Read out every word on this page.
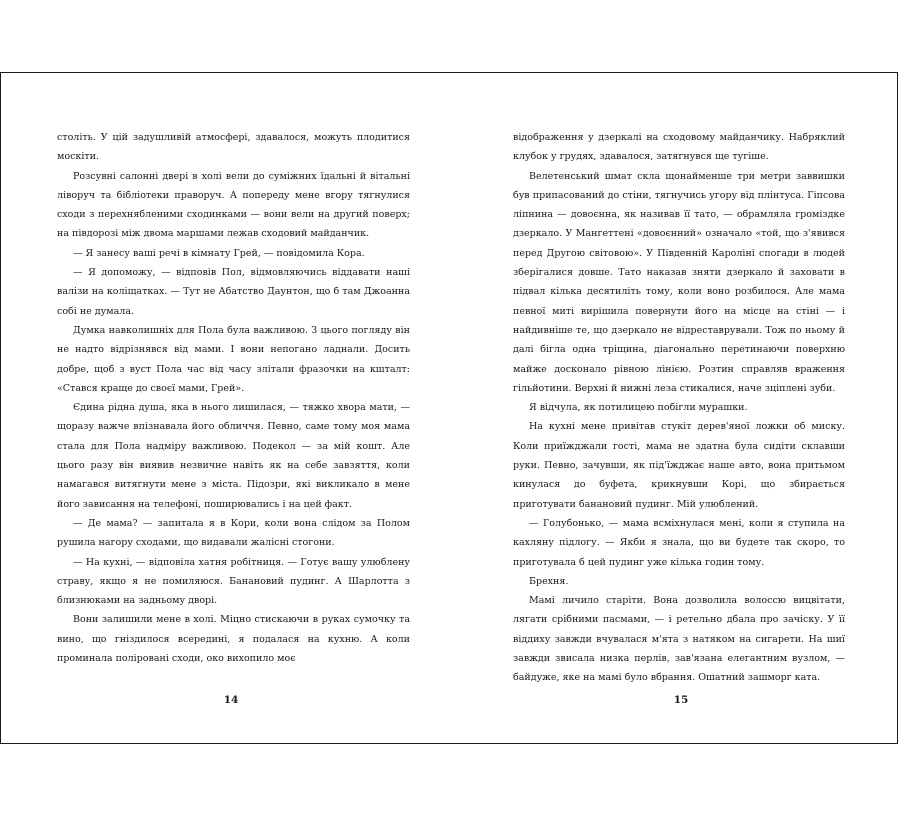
століть. У цій задушливій атмосфері, здавалося, можуть плодитися москіти.

Розсувні салонні двері в холі вели до суміжних їдальні й вітальні ліворуч та бібліотеки праворуч. А попереду мене вгору тягнулися сходи з перехнябленими сходинками — вони вели на другий поверх; на півдорозі між двома маршами лежав сходовий майданчик.

— Я занесу ваші речі в кімнату Грей, — повідомила Кора.

— Я допоможу, — відповів Пол, відмовляючись віддавати наші валізи на коліщатках. — Тут не Абатство Даунтон, що б там Джоанна собі не думала.

Думка навколишніх для Пола була важливою. З цього погляду він не надто відрізнявся від мами. І вони непогано ладнали. Досить добре, щоб з вуст Пола час від часу злітали фразочки на кшталт: «Стався краще до своєї мами, Грей».

Єдина рідна душа, яка в нього лишилася, — тяжко хвора мати, — щоразу важче впізнавала його обличчя. Певно, саме тому моя мама стала для Пола надміру важливою. Подекол — за мій кошт. Але цього разу він виявив незвичне навіть як на себе завзяття, коли намагався витягнути мене з міста. Підозри, які викликало в мене його зависання на телефоні, поширювались і на цей факт.

— Де мама? — запитала я в Кори, коли вона слідом за Полом рушила нагору сходами, що видавали жалісні стогони.

— На кухні, — відповіла хатня робітниця. — Готує вашу улюблену страву, якщо я не помиляюся. Банановий пудинг. А Шарлотта з близнюками на задньому дворі.

Вони залишили мене в холі. Міцно стискаючи в руках сумочку та вино, що гніздилося всередині, я подалася на кухню. А коли проминала поліровані сходи, око вихопило моє

14

відображення у дзеркалі на сходовому майданчику. Набряклий клубок у грудях, здавалося, затягнувся ще тугіше.

Велетенський шмат скла щонайменше три метри заввишки був припасований до стіни, тягнучись угору від плінтуса. Гіпсова ліпнина — довоєнна, як називав її тато, — обрамляла громіздке дзеркало. У Мангеттені «довоєнний» означало «той, що з'явився перед Другою світовою». У Південній Кароліні спогади в людей зберігалися довше. Тато наказав зняти дзеркало й заховати в підвал кілька десятиліть тому, коли воно розбилося. Але мама певної миті вирішила повернути його на місце на стіні — і найдивніше те, що дзеркало не відреставрували. Тож по ньому й далі бігла одна тріщина, діагонально перетинаючи поверхню майже досконало рівною лінією. Розтин справляв враження гільйотини. Верхні й нижні леза стикалися, наче зціплені зуби.

Я відчула, як потилицею побігли мурашки.

На кухні мене привітав стукіт дерев'яної ложки об миску. Коли приїжджали гості, мама не здатна була сидіти склавши руки. Певно, зачувши, як під'їжджає наше авто, вона притьмом кинулася до буфета, крикнувши Корі, що збирається приготувати банановий пудинг. Мій улюблений.

— Голубонько, — мама всміхнулася мені, коли я ступила на кахляну підлогу. — Якби я знала, що ви будете так скоро, то приготувала б цей пудинг уже кілька годин тому.

Брехня.

Мамі личило старіти. Вона дозволила волоссю вицвітати, лягати срібними пасмами, — і ретельно дбала про зачіску. У її віддиху завжди вчувалася м'ята з натяком на сигарети. На шиї завжди звисала низка перлів, зав'язана елегантним вузлом, — байдуже, яке на мамі було вбрання. Ошатний зашморг ката.

15
